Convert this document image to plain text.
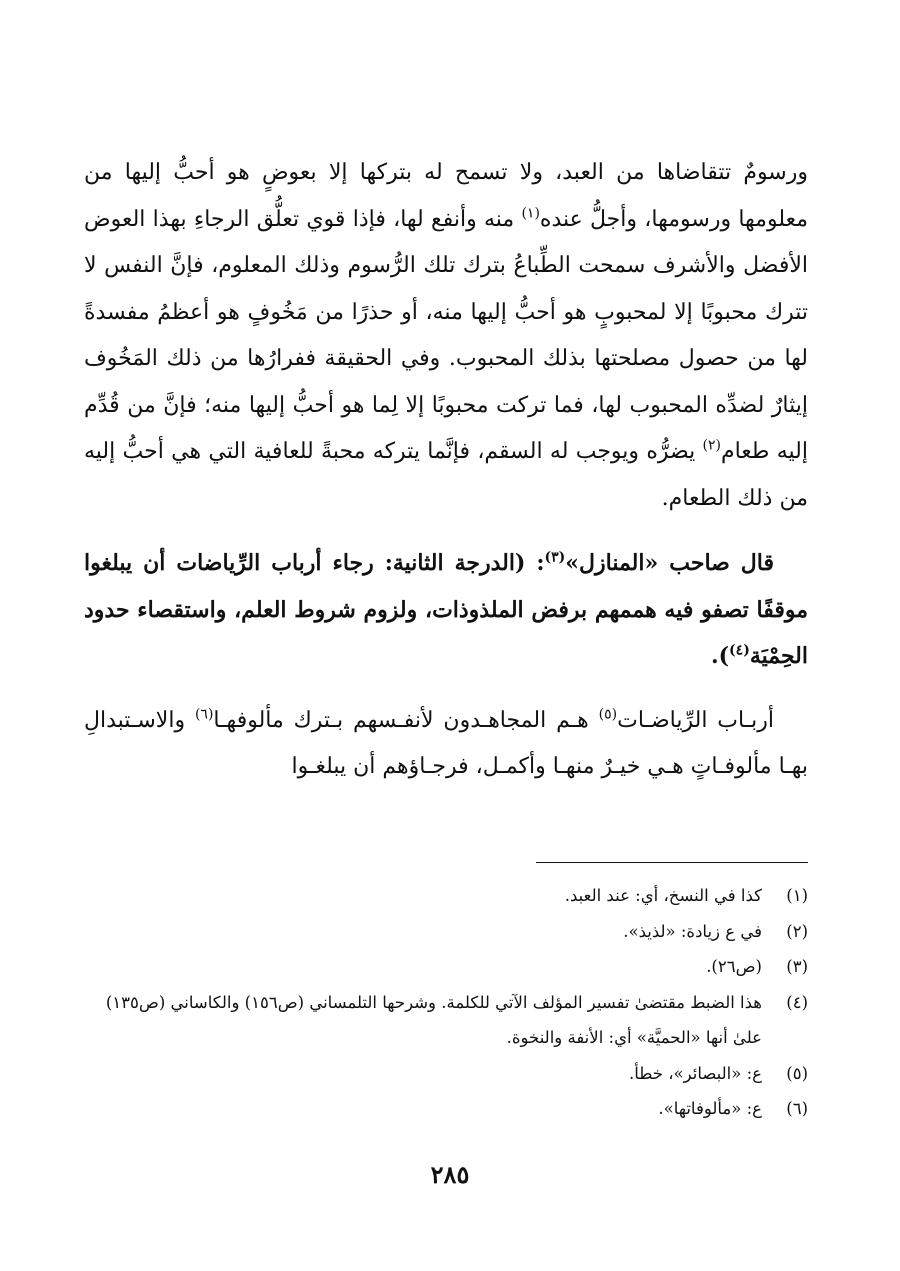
ورسومٌ تتقاضاها من العبد، ولا تسمح له بتركها إلا بعوضٍ هو أحبُّ إليها من معلومها ورسومها، وأجلُّ عنده$^{(١)}$ منه وأنفع لها، فإذا قوي تعلُّق الرجاءِ بهذا العوض الأفضل والأشرف سمحت الطِّباعُ بترك تلك الرُّسوم وذلك المعلوم، فإنَّ النفس لا تترك محبوبًا إلا لمحبوبٍ هو أحبُّ إليها منه، أو حذرًا من مَخُوفٍ هو أعظمُ مفسدةً لها من حصول مصلحتها بذلك المحبوب. وفي الحقيقة ففرارُها من ذلك المَخُوف إيثارٌ لضدِّه المحبوب لها، فما تركت محبوبًا إلا لِما هو أحبُّ إليها منه؛ فإنَّ من قُدِّم إليه طعام$^{(٢)}$ يضرُّه ويوجب له السقم، فإنَّما يتركه محبةً للعافية التي هي أحبُّ إليه من ذلك الطعام.

قال صاحب «المنازل»$^{(٣)}$: (الدرجة الثانية: رجاء أرباب الرِّياضات أن يبلغوا موقفًا تصفو فيه هممهم برفض الملذوذات، ولزوم شروط العلم، واستقصاء حدود الحِمْيَة$^{(٤)}$).

أربـاب الرِّياضـات$^{(٥)}$ هـم المجاهـدون لأنفـسهم بـترك مألوفهـا$^{(٦)}$ والاسـتبدالِ بهـا مألوفـاتٍ هـي خيـرٌ منهـا وأكمـل، فرجـاؤهم أن يبلغـوا

(١)
كذا في النسخ، أي: عند العبد.
(٢)
في ع زيادة: «لذيذ».
(٣)
(ص٢٦).
(٤)
هذا الضبط مقتضىٰ تفسير المؤلف الآتي للكلمة. وشرحها التلمساني (ص١٥٦) والكاساني (ص١٣٥) علىٰ أنها «الحميَّة» أي: الأنفة والنخوة.
(٥)
ع: «البصائر»، خطأ.
(٦)
ع: «مألوفاتها».
٢٨٥
